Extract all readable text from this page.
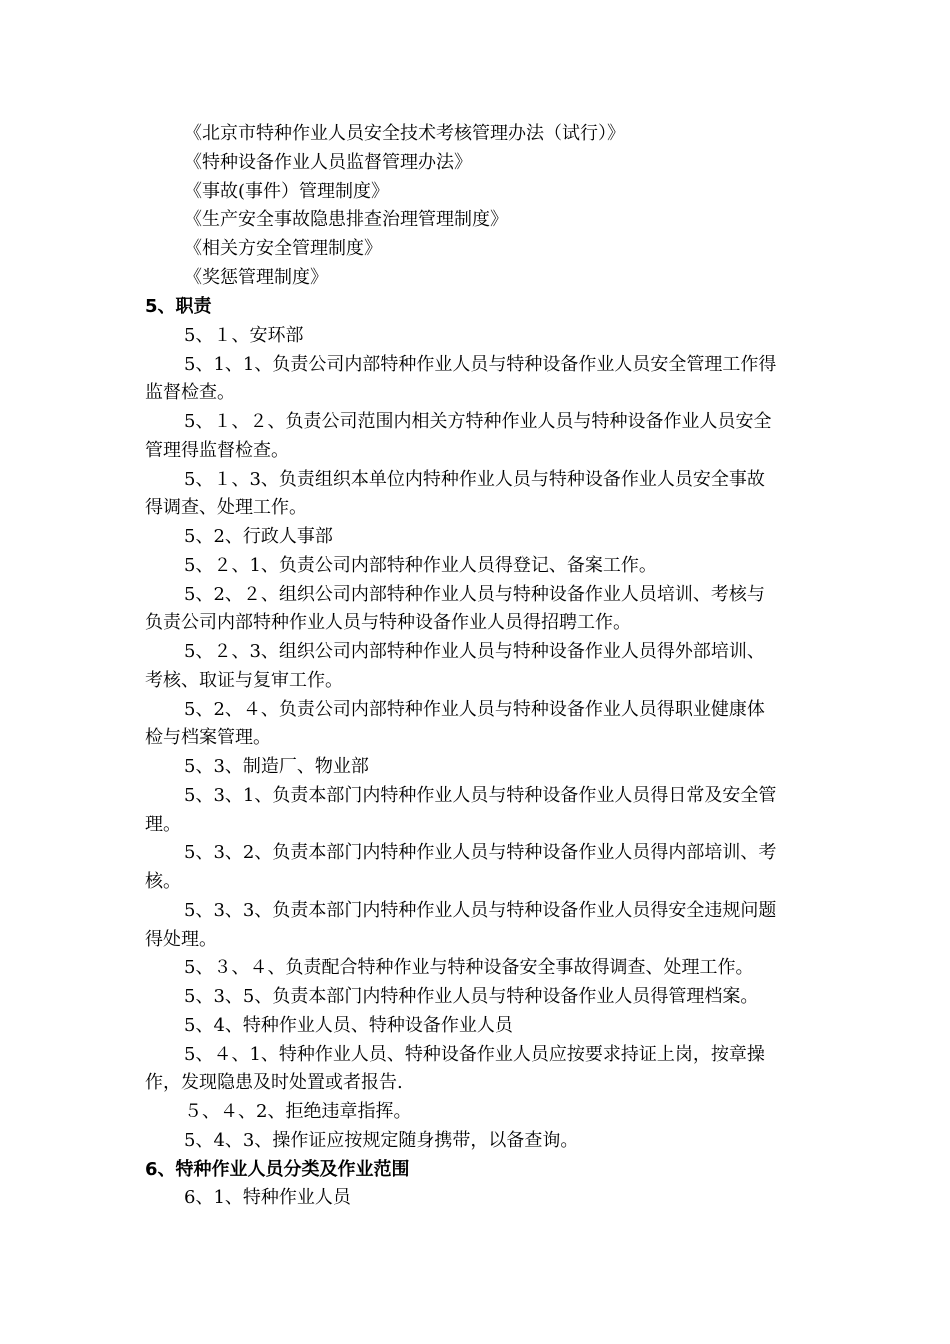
《北京市特种作业人员安全技术考核管理办法（试行）》
《特种设备作业人员监督管理办法》
《事故(事件）管理制度》
《生产安全事故隐患排查治理管理制度》
《相关方安全管理制度》
《奖惩管理制度》
5、职责
5、１、安环部
5、1、1、负责公司内部特种作业人员与特种设备作业人员安全管理工作得
监督检查。
5、１、２、负责公司范围内相关方特种作业人员与特种设备作业人员安全
管理得监督检查。
5、１、3、负责组织本单位内特种作业人员与特种设备作业人员安全事故
得调查、处理工作。
5、2、行政人事部
5、２、1、负责公司内部特种作业人员得登记、备案工作。
5、2、２、组织公司内部特种作业人员与特种设备作业人员培训、考核与
负责公司内部特种作业人员与特种设备作业人员得招聘工作。
5、２、3、组织公司内部特种作业人员与特种设备作业人员得外部培训、
考核、取证与复审工作。
5、2、４、负责公司内部特种作业人员与特种设备作业人员得职业健康体
检与档案管理。
5、3、制造厂、物业部
5、3、1、负责本部门内特种作业人员与特种设备作业人员得日常及安全管
理。
5、3、2、负责本部门内特种作业人员与特种设备作业人员得内部培训、考
核。
5、3、3、负责本部门内特种作业人员与特种设备作业人员得安全违规问题
得处理。
5、３、４、负责配合特种作业与特种设备安全事故得调查、处理工作。
5、3、5、负责本部门内特种作业人员与特种设备作业人员得管理档案。
5、4、特种作业人员、特种设备作业人员
5、４、1、特种作业人员、特种设备作业人员应按要求持证上岗，按章操
作，发现隐患及时处置或者报告.
５、４、2、拒绝违章指挥。
5、4、3、操作证应按规定随身携带，以备查询。
6、特种作业人员分类及作业范围
6、1、特种作业人员
